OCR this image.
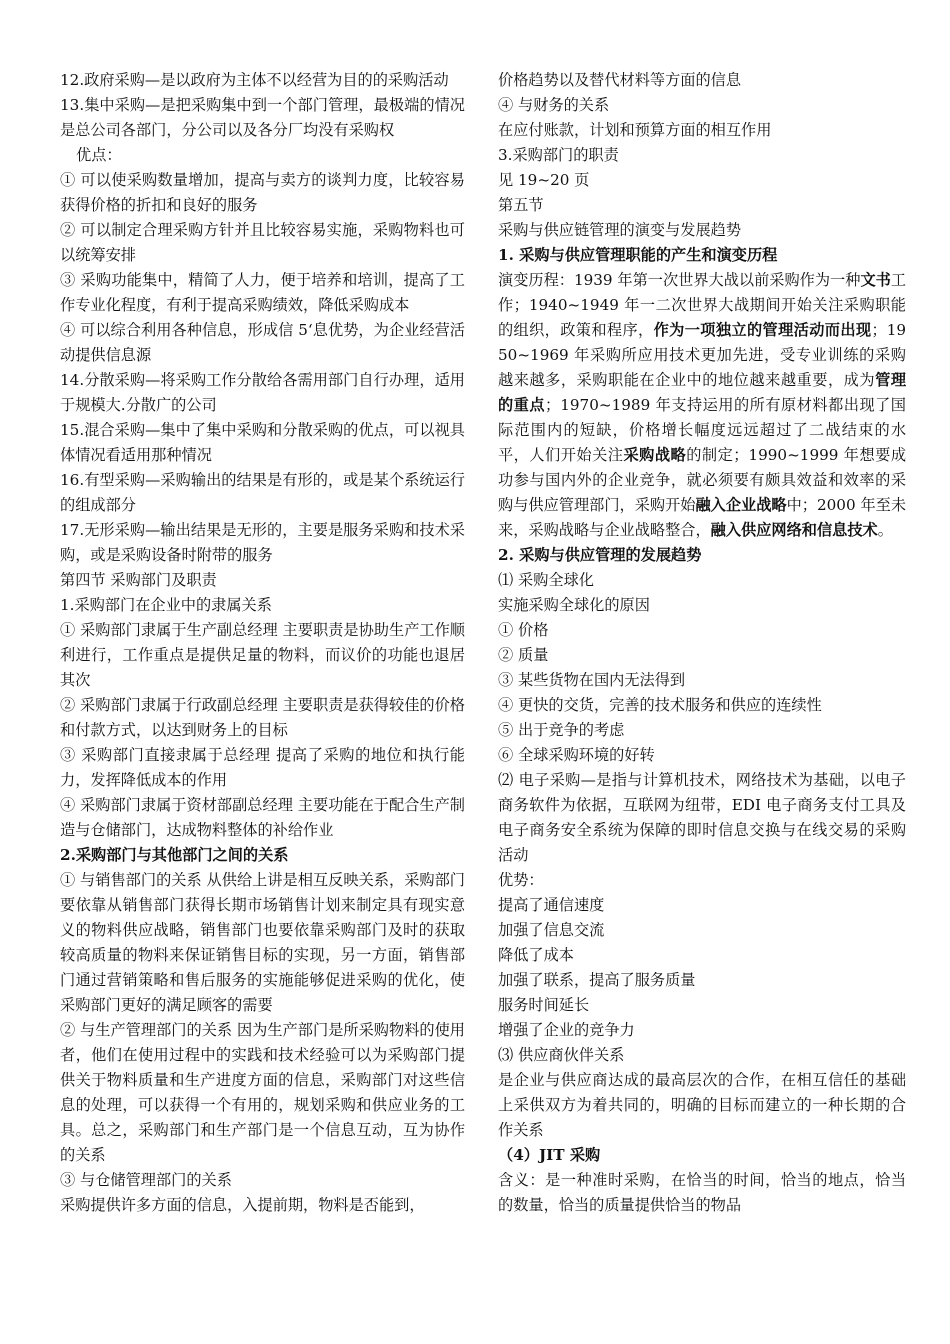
12.政府采购—是以政府为主体不以经营为目的的采购活动

13.集中采购—是把采购集中到一个部门管理，最极端的情况是总公司各部门，分公司以及各分厂均没有采购权

优点：

① 可以使采购数量增加，提高与卖方的谈判力度，比较容易获得价格的折扣和良好的服务

② 可以制定合理采购方针并且比较容易实施，采购物料也可以统筹安排

③ 采购功能集中，精简了人力，便于培养和培训，提高了工作专业化程度，有利于提高采购绩效，降低采购成本

④ 可以综合利用各种信息，形成信 5‘息优势，为企业经营活动提供信息源

14.分散采购—将采购工作分散给各需用部门自行办理，适用于规模大.分散广的公司

15.混合采购—集中了集中采购和分散采购的优点，可以视具体情况看适用那种情况

16.有型采购—采购输出的结果是有形的，或是某个系统运行的组成部分

17.无形采购—输出结果是无形的，主要是服务采购和技术采购，或是采购设备时附带的服务

第四节 采购部门及职责

1.采购部门在企业中的隶属关系

① 采购部门隶属于生产副总经理 主要职责是协助生产工作顺利进行，工作重点是提供足量的物料，而议价的功能也退居其次

② 采购部门隶属于行政副总经理 主要职责是获得较佳的价格和付款方式，以达到财务上的目标

③ 采购部门直接隶属于总经理 提高了采购的地位和执行能力，发挥降低成本的作用

④ 采购部门隶属于资材部副总经理 主要功能在于配合生产制造与仓储部门，达成物料整体的补给作业

2.采购部门与其他部门之间的关系

① 与销售部门的关系 从供给上讲是相互反映关系，采购部门要依靠从销售部门获得长期市场销售计划来制定具有现实意义的物料供应战略，销售部门也要依靠采购部门及时的获取较高质量的物料来保证销售目标的实现，另一方面，销售部门通过营销策略和售后服务的实施能够促进采购的优化，使采购部门更好的满足顾客的需要

② 与生产管理部门的关系 因为生产部门是所采购物料的使用者，他们在使用过程中的实践和技术经验可以为采购部门提供关于物料质量和生产进度方面的信息，采购部门对这些信息的处理，可以获得一个有用的，规划采购和供应业务的工具。总之，采购部门和生产部门是一个信息互动，互为协作的关系

③ 与仓储管理部门的关系

采购提供许多方面的信息，入提前期，物料是否能到，

价格趋势以及替代材料等方面的信息

④ 与财务的关系

在应付账款，计划和预算方面的相互作用

3.采购部门的职责

见 19~20 页

第五节

采购与供应链管理的演变与发展趋势

1. 采购与供应管理职能的产生和演变历程

演变历程：1939 年第一次世界大战以前采购作为一种文书工作；1940~1949 年一二次世界大战期间开始关注采购职能的组织，政策和程序，作为一项独立的管理活动而出现；1950~1969 年采购所应用技术更加先进，受专业训练的采购越来越多，采购职能在企业中的地位越来越重要，成为管理的重点；1970~1989 年支持运用的所有原材料都出现了国际范围内的短缺，价格增长幅度远远超过了二战结束的水平，人们开始关注采购战略的制定；1990~1999 年想要成功参与国内外的企业竞争，就必须要有颇具效益和效率的采购与供应管理部门，采购开始融入企业战略中；2000 年至未来，采购战略与企业战略整合，融入供应网络和信息技术。

2. 采购与供应管理的发展趋势

⑴ 采购全球化

实施采购全球化的原因

① 价格

② 质量

③ 某些货物在国内无法得到

④ 更快的交货，完善的技术服务和供应的连续性

⑤ 出于竞争的考虑

⑥ 全球采购环境的好转

⑵ 电子采购—是指与计算机技术，网络技术为基础，以电子商务软件为依据，互联网为纽带，EDI 电子商务支付工具及电子商务安全系统为保障的即时信息交换与在线交易的采购活动

优势：

提高了通信速度

加强了信息交流

降低了成本

加强了联系，提高了服务质量

服务时间延长

增强了企业的竞争力

⑶ 供应商伙伴关系

是企业与供应商达成的最高层次的合作，在相互信任的基础上采供双方为着共同的，明确的目标而建立的一种长期的合作关系

（4）JIT 采购

含义：是一种准时采购，在恰当的时间，恰当的地点，恰当的数量，恰当的质量提供恰当的物品
